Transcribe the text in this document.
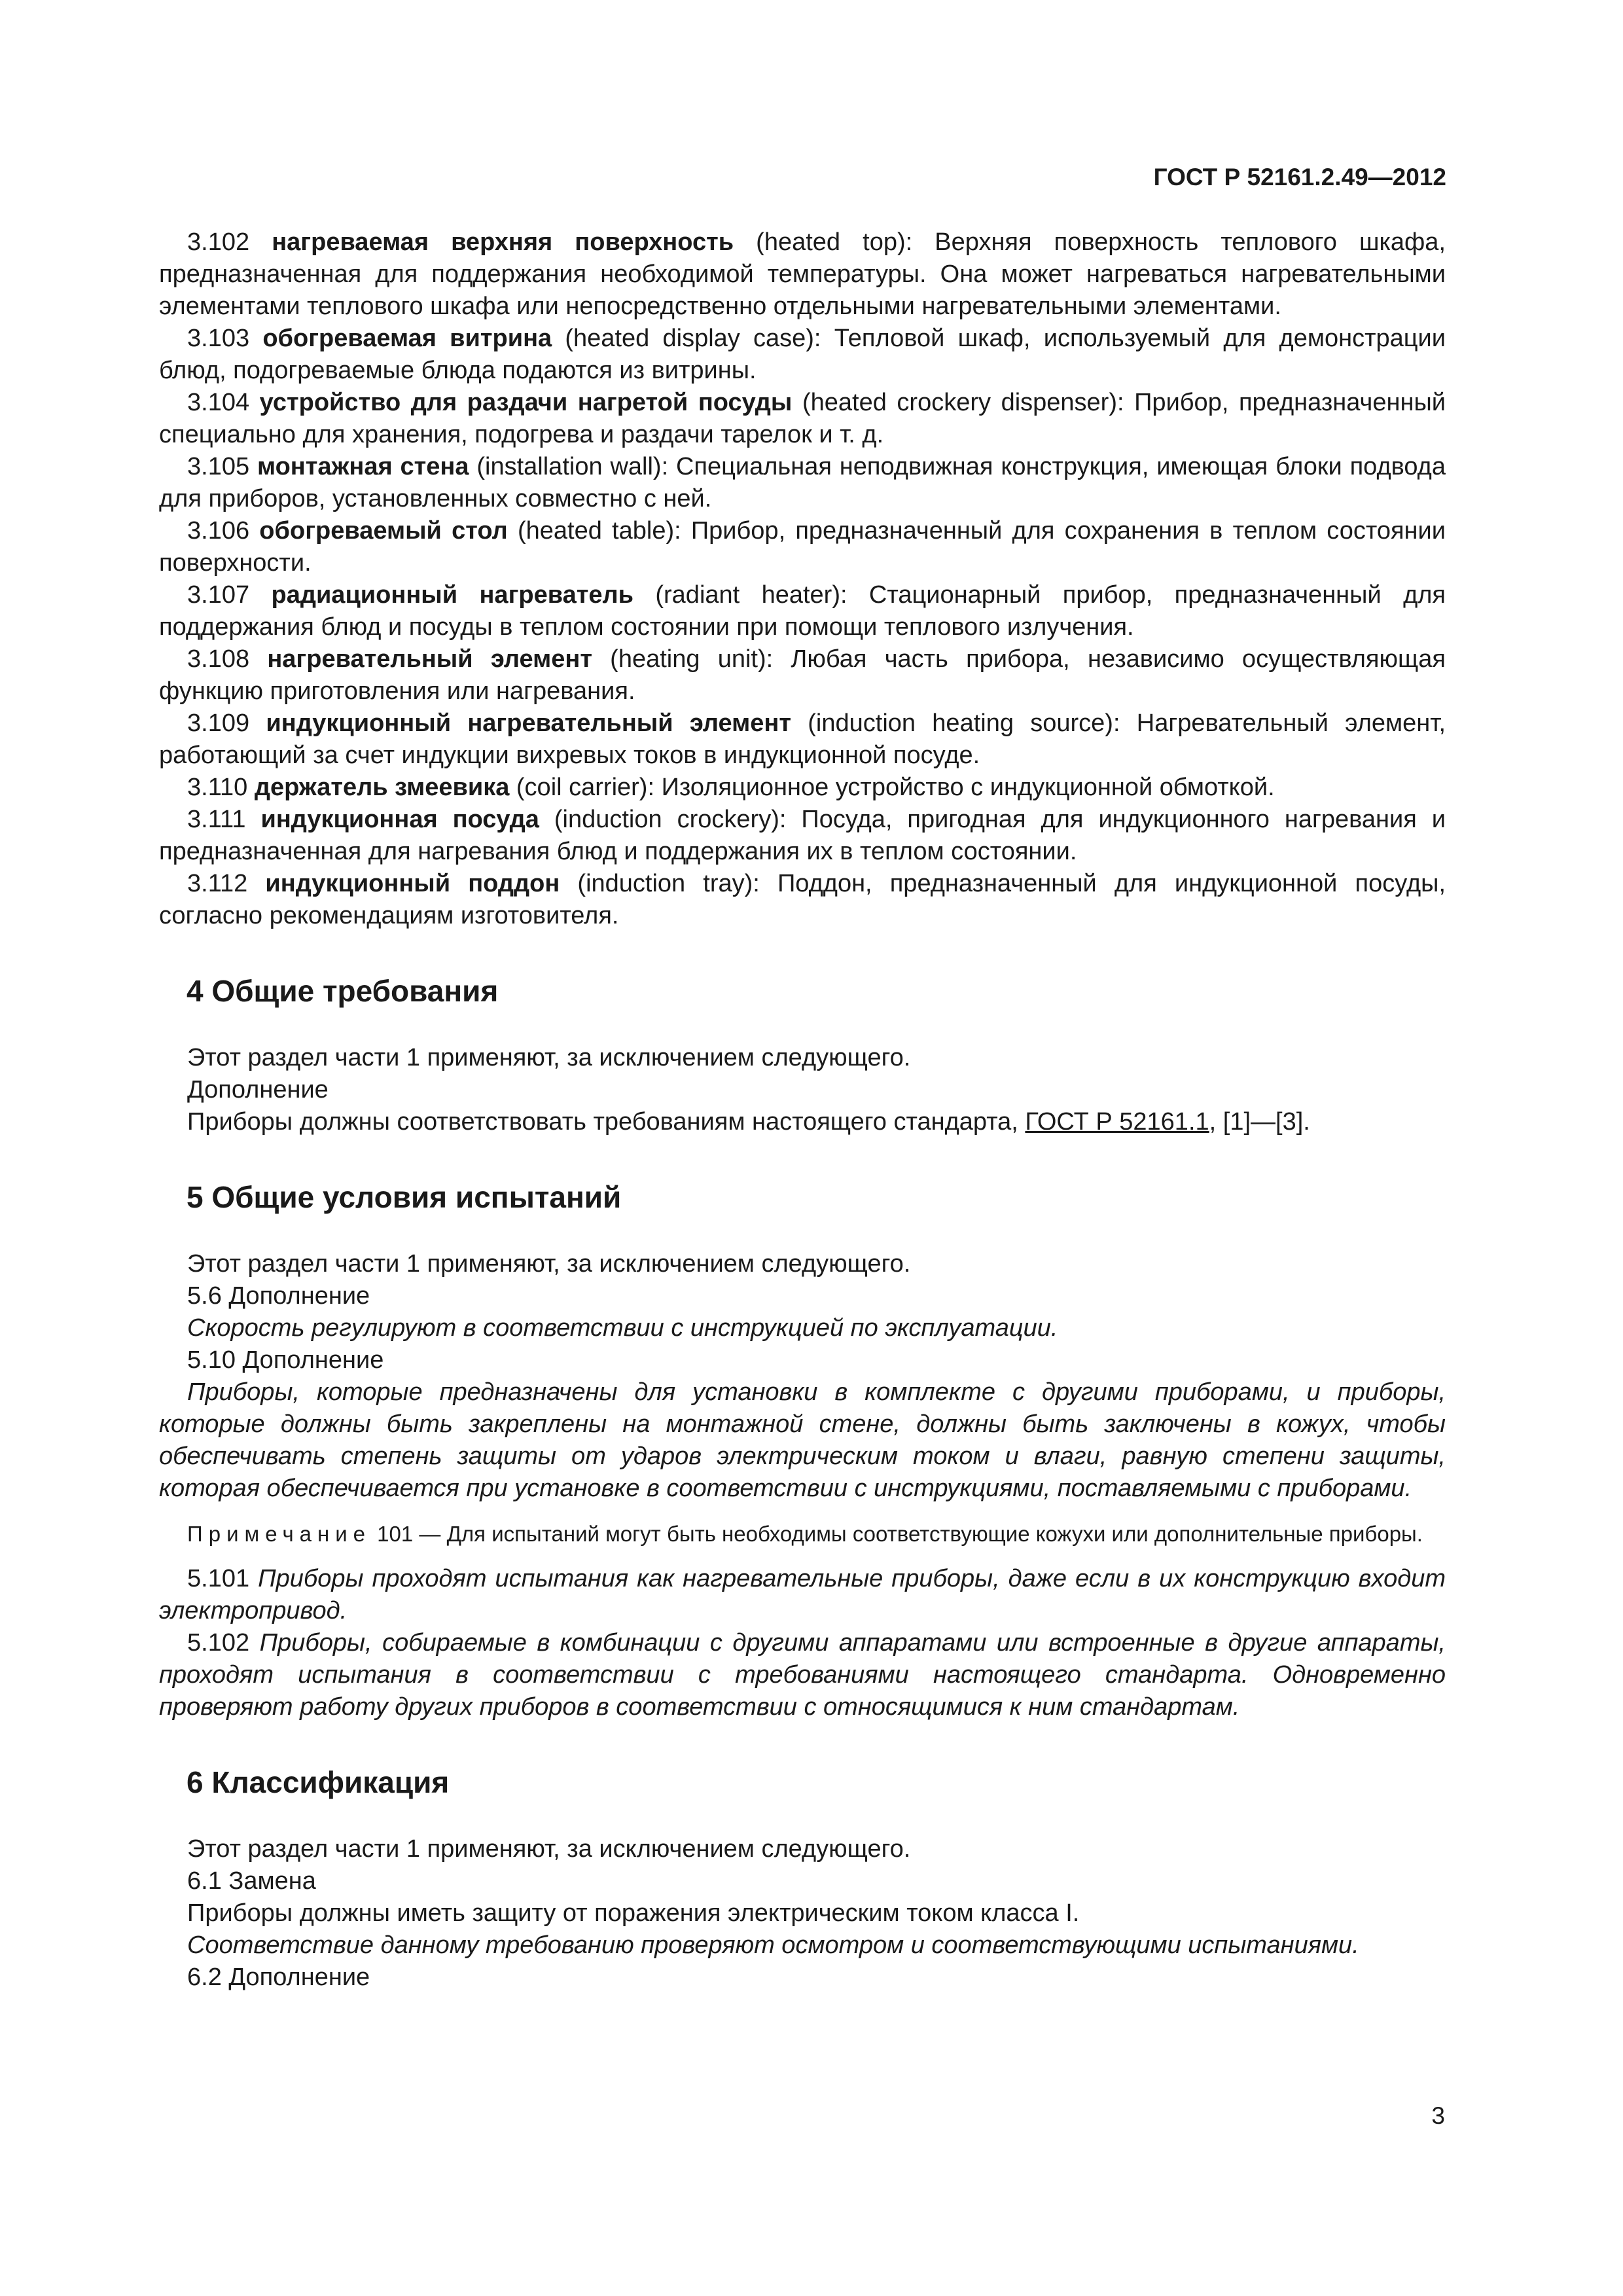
ГОСТ Р 52161.2.49—2012

3.102 нагреваемая верхняя поверхность (heated top): Верхняя поверхность теплового шкафа, предназначенная для поддержания необходимой температуры. Она может нагреваться нагревательными элементами теплового шкафа или непосредственно отдельными нагревательными элементами.

3.103 обогреваемая витрина (heated display case): Тепловой шкаф, используемый для демонстрации блюд, подогреваемые блюда подаются из витрины.

3.104 устройство для раздачи нагретой посуды (heated crockery dispenser): Прибор, предназначенный специально для хранения, подогрева и раздачи тарелок и т. д.

3.105 монтажная стена (installation wall): Специальная неподвижная конструкция, имеющая блоки подвода для приборов, установленных совместно с ней.

3.106 обогреваемый стол (heated table): Прибор, предназначенный для сохранения в теплом состоянии поверхности.

3.107 радиационный нагреватель (radiant heater): Стационарный прибор, предназначенный для поддержания блюд и посуды в теплом состоянии при помощи теплового излучения.

3.108 нагревательный элемент (heating unit): Любая часть прибора, независимо осуществляющая функцию приготовления или нагревания.

3.109 индукционный нагревательный элемент (induction heating source): Нагревательный элемент, работающий за счет индукции вихревых токов в индукционной посуде.

3.110 держатель змеевика (coil carrier): Изоляционное устройство с индукционной обмоткой.

3.111 индукционная посуда (induction crockery): Посуда, пригодная для индукционного нагревания и предназначенная для нагревания блюд и поддержания их в теплом состоянии.

3.112 индукционный поддон (induction tray): Поддон, предназначенный для индукционной посуды, согласно рекомендациям изготовителя.

4 Общие требования

Этот раздел части 1 применяют, за исключением следующего.

Дополнение

Приборы должны соответствовать требованиям настоящего стандарта, ГОСТ Р 52161.1, [1]—[3].

5 Общие условия испытаний

Этот раздел части 1 применяют, за исключением следующего.

5.6 Дополнение

Скорость регулируют в соответствии с инструкцией по эксплуатации.

5.10 Дополнение

Приборы, которые предназначены для установки в комплекте с другими приборами, и приборы, которые должны быть закреплены на монтажной стене, должны быть заключены в кожух, чтобы обеспечивать степень защиты от ударов электрическим током и влаги, равную степени защиты, которая обеспечивается при установке в соответствии с инструкциями, поставляемыми с приборами.

Примечание 101 — Для испытаний могут быть необходимы соответствующие кожухи или дополнительные приборы.

5.101 Приборы проходят испытания как нагревательные приборы, даже если в их конструкцию входит электропривод.

5.102 Приборы, собираемые в комбинации с другими аппаратами или встроенные в другие аппараты, проходят испытания в соответствии с требованиями настоящего стандарта. Одновременно проверяют работу других приборов в соответствии с относящимися к ним стандартам.

6 Классификация

Этот раздел части 1 применяют, за исключением следующего.

6.1 Замена

Приборы должны иметь защиту от поражения электрическим током класса I.

Соответствие данному требованию проверяют осмотром и соответствующими испытаниями.

6.2 Дополнение

3
